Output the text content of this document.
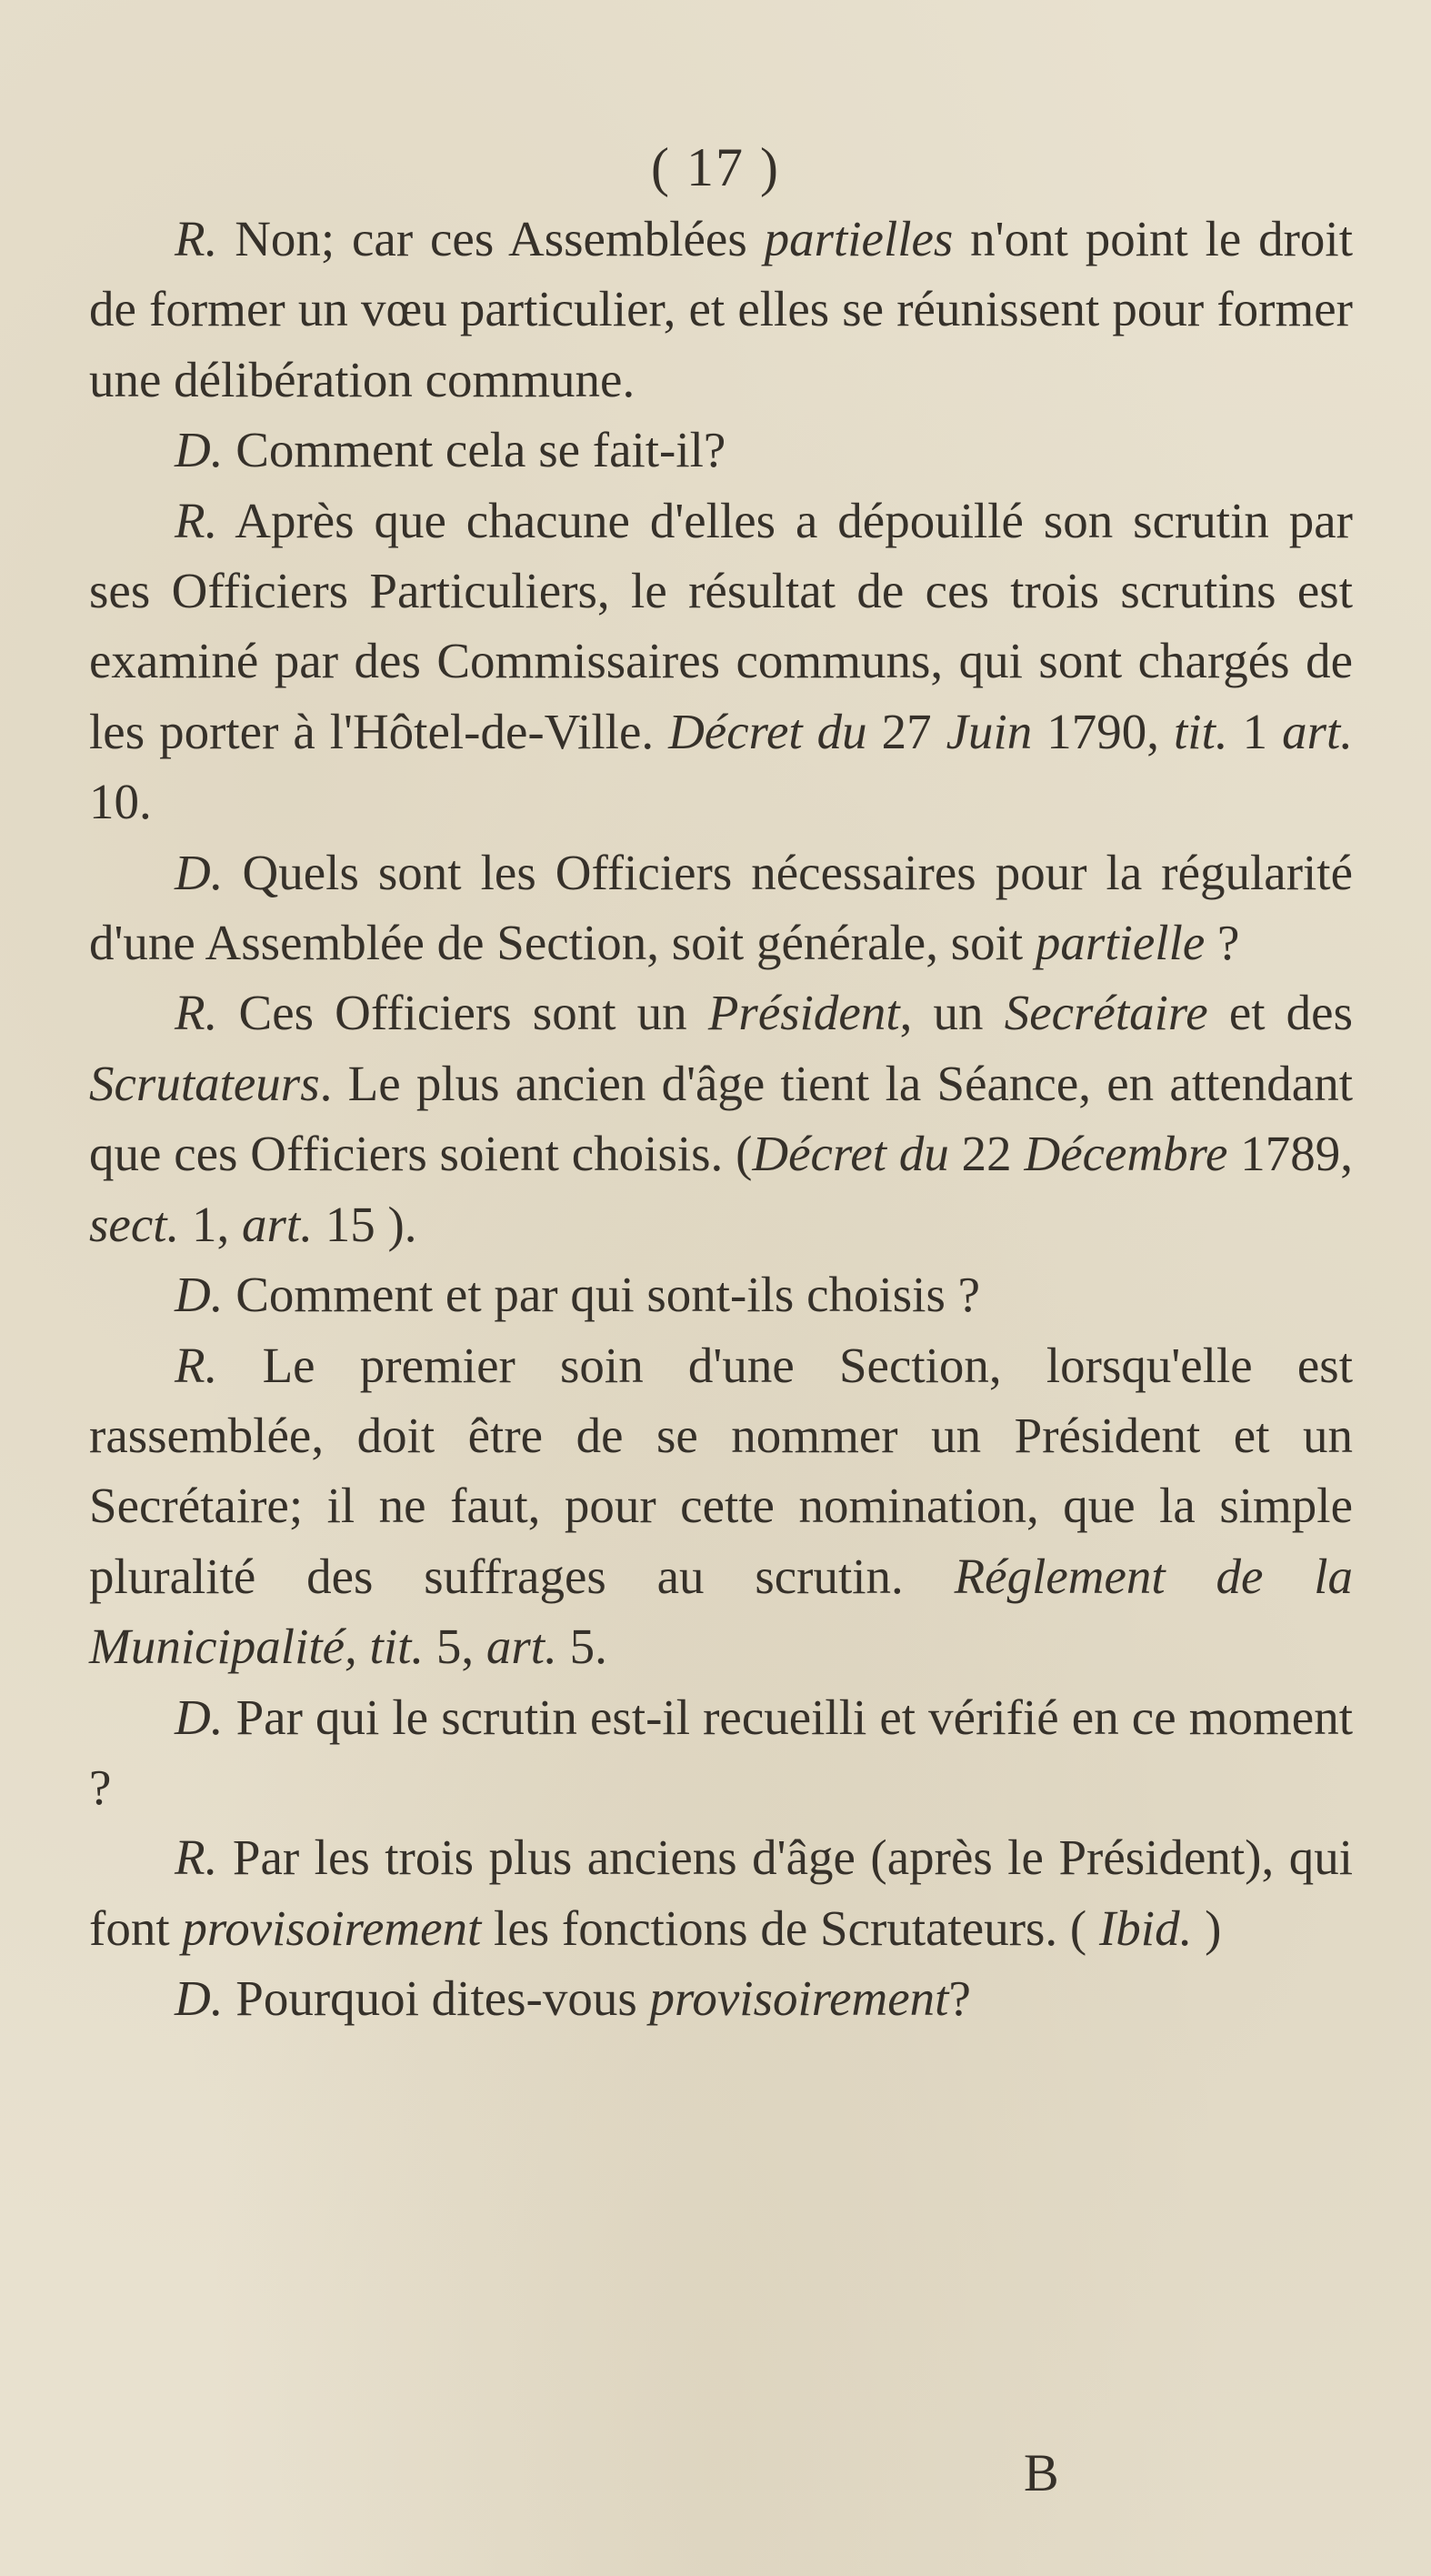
( 17 )

R. Non; car ces Assemblées partielles n'ont point le droit de former un vœu particulier, et elles se réunissent pour former une délibération commune.

D. Comment cela se fait-il?

R. Après que chacune d'elles a dépouillé son scrutin par ses Officiers Particuliers, le résultat de ces trois scrutins est examiné par des Commissaires communs, qui sont chargés de les porter à l'Hôtel-de-Ville. Décret du 27 Juin 1790, tit. 1 art. 10.

D. Quels sont les Officiers nécessaires pour la régularité d'une Assemblée de Section, soit générale, soit partielle ?

R. Ces Officiers sont un Président, un Secrétaire et des Scrutateurs. Le plus ancien d'âge tient la Séance, en attendant que ces Officiers soient choisis. (Décret du 22 Décembre 1789, sect. 1, art. 15 ).

D. Comment et par qui sont-ils choisis ?

R. Le premier soin d'une Section, lorsqu'elle est rassemblée, doit être de se nommer un Président et un Secrétaire; il ne faut, pour cette nomination, que la simple pluralité des suffrages au scrutin. Réglement de la Municipalité, tit. 5, art. 5.

D. Par qui le scrutin est-il recueilli et vérifié en ce moment ?

R. Par les trois plus anciens d'âge (après le Président), qui font provisoirement les fonctions de Scrutateurs. ( Ibid. )

D. Pourquoi dites-vous provisoirement?

B
